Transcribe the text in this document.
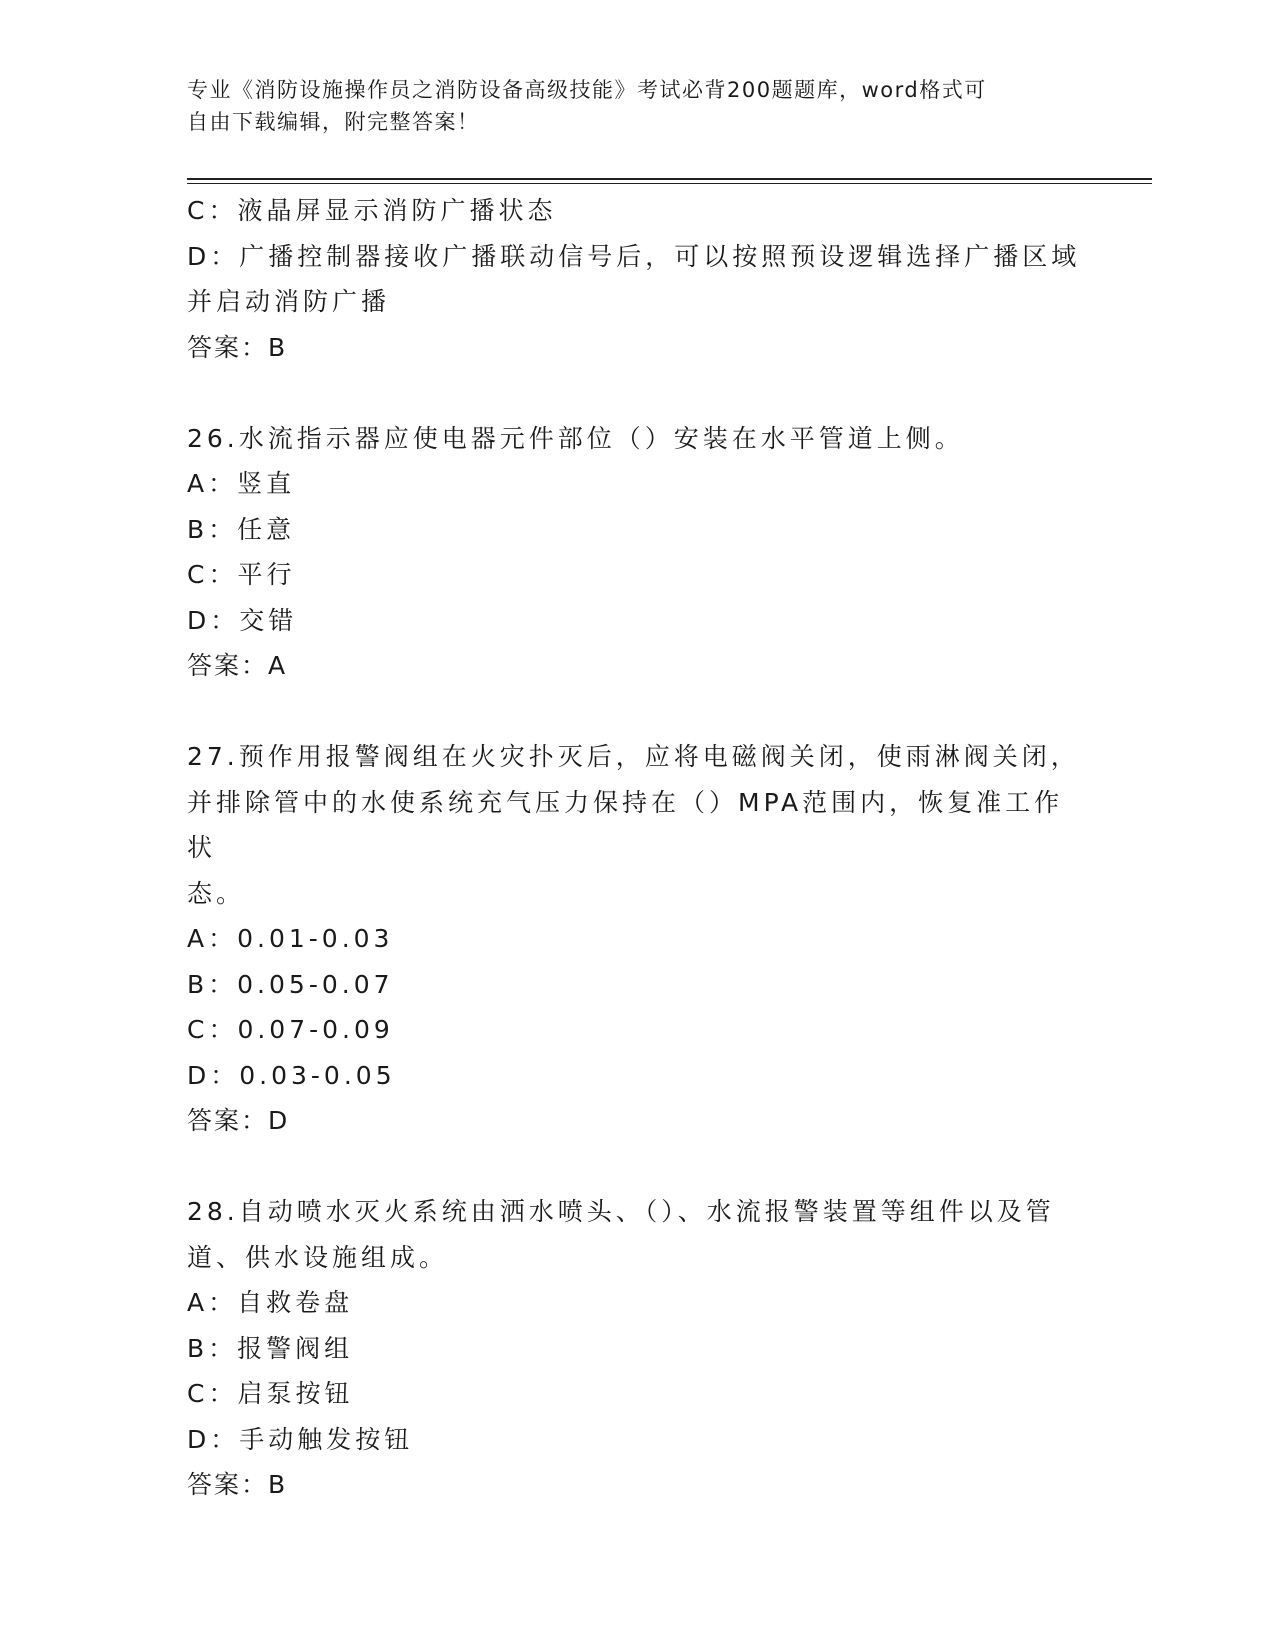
专业《消防设施操作员之消防设备高级技能》考试必背200题题库，word格式可
自由下载编辑，附完整答案！

C：液晶屏显示消防广播状态

D：广播控制器接收广播联动信号后，可以按照预设逻辑选择广播区域

并启动消防广播

答案：B

26.水流指示器应使电器元件部位（）安装在水平管道上侧。

A：竖直

B：任意

C：平行

D：交错

答案：A

27.预作用报警阀组在火灾扑灭后，应将电磁阀关闭，使雨淋阀关闭，

并排除管中的水使系统充气压力保持在（）MPA范围内，恢复准工作状

态。

A：0.01-0.03

B：0.05-0.07

C：0.07-0.09

D：0.03-0.05

答案：D

28.自动喷水灭火系统由洒水喷头、（）、水流报警装置等组件以及管

道、供水设施组成。

A：自救卷盘

B：报警阀组

C：启泵按钮

D：手动触发按钮

答案：B
